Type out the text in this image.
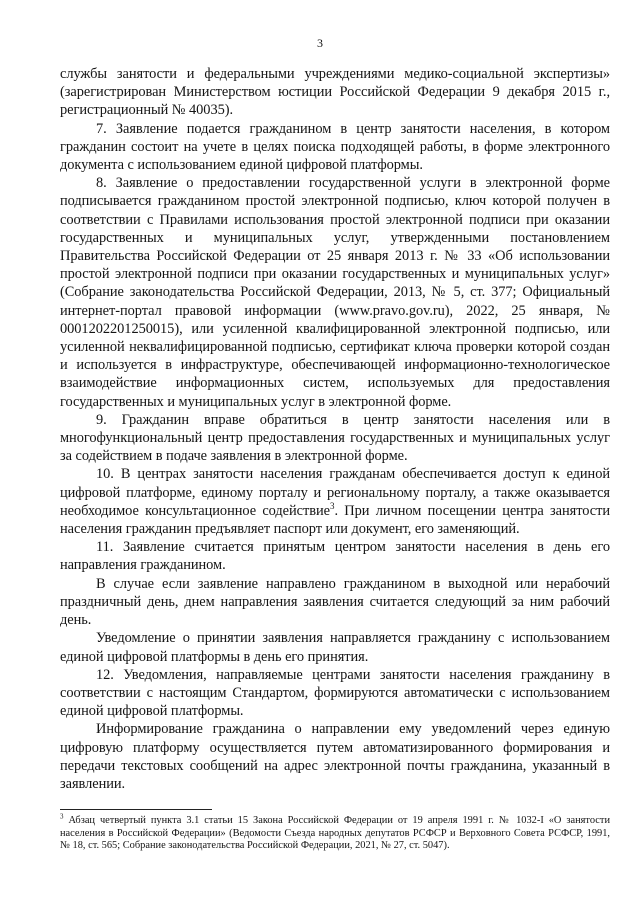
3

службы занятости и федеральными учреждениями медико-социальной экспертизы» (зарегистрирован Министерством юстиции Российской Федерации 9 декабря 2015 г., регистрационный № 40035).

7. Заявление подается гражданином в центр занятости населения, в котором гражданин состоит на учете в целях поиска подходящей работы, в форме электронного документа с использованием единой цифровой платформы.

8. Заявление о предоставлении государственной услуги в электронной форме подписывается гражданином простой электронной подписью, ключ которой получен в соответствии с Правилами использования простой электронной подписи при оказании государственных и муниципальных услуг, утвержденными постановлением Правительства Российской Федерации от 25 января 2013 г. № 33 «Об использовании простой электронной подписи при оказании государственных и муниципальных услуг» (Собрание законодательства Российской Федерации, 2013, № 5, ст. 377; Официальный интернет-портал правовой информации (www.pravo.gov.ru), 2022, 25 января, № 0001202201250015), или усиленной квалифицированной электронной подписью, или усиленной неквалифицированной подписью, сертификат ключа проверки которой создан и используется в инфраструктуре, обеспечивающей информационно-технологическое взаимодействие информационных систем, используемых для предоставления государственных и муниципальных услуг в электронной форме.

9. Гражданин вправе обратиться в центр занятости населения или в многофункциональный центр предоставления государственных и муниципальных услуг за содействием в подаче заявления в электронной форме.

10. В центрах занятости населения гражданам обеспечивается доступ к единой цифровой платформе, единому порталу и региональному порталу, а также оказывается необходимое консультационное содействие$^3$. При личном посещении центра занятости населения гражданин предъявляет паспорт или документ, его заменяющий.

11. Заявление считается принятым центром занятости населения в день его направления гражданином.

В случае если заявление направлено гражданином в выходной или нерабочий праздничный день, днем направления заявления считается следующий за ним рабочий день.

Уведомление о принятии заявления направляется гражданину с использованием единой цифровой платформы в день его принятия.

12. Уведомления, направляемые центрами занятости населения гражданину в соответствии с настоящим Стандартом, формируются автоматически с использованием единой цифровой платформы.

Информирование гражданина о направлении ему уведомлений через единую цифровую платформу осуществляется путем автоматизированного формирования и передачи текстовых сообщений на адрес электронной почты гражданина, указанный в заявлении.

$^3$ Абзац четвертый пункта 3.1 статьи 15 Закона Российской Федерации от 19 апреля 1991 г. № 1032-I «О занятости населения в Российской Федерации» (Ведомости Съезда народных депутатов РСФСР и Верховного Совета РСФСР, 1991, № 18, ст. 565; Собрание законодательства Российской Федерации, 2021, № 27, ст. 5047).
